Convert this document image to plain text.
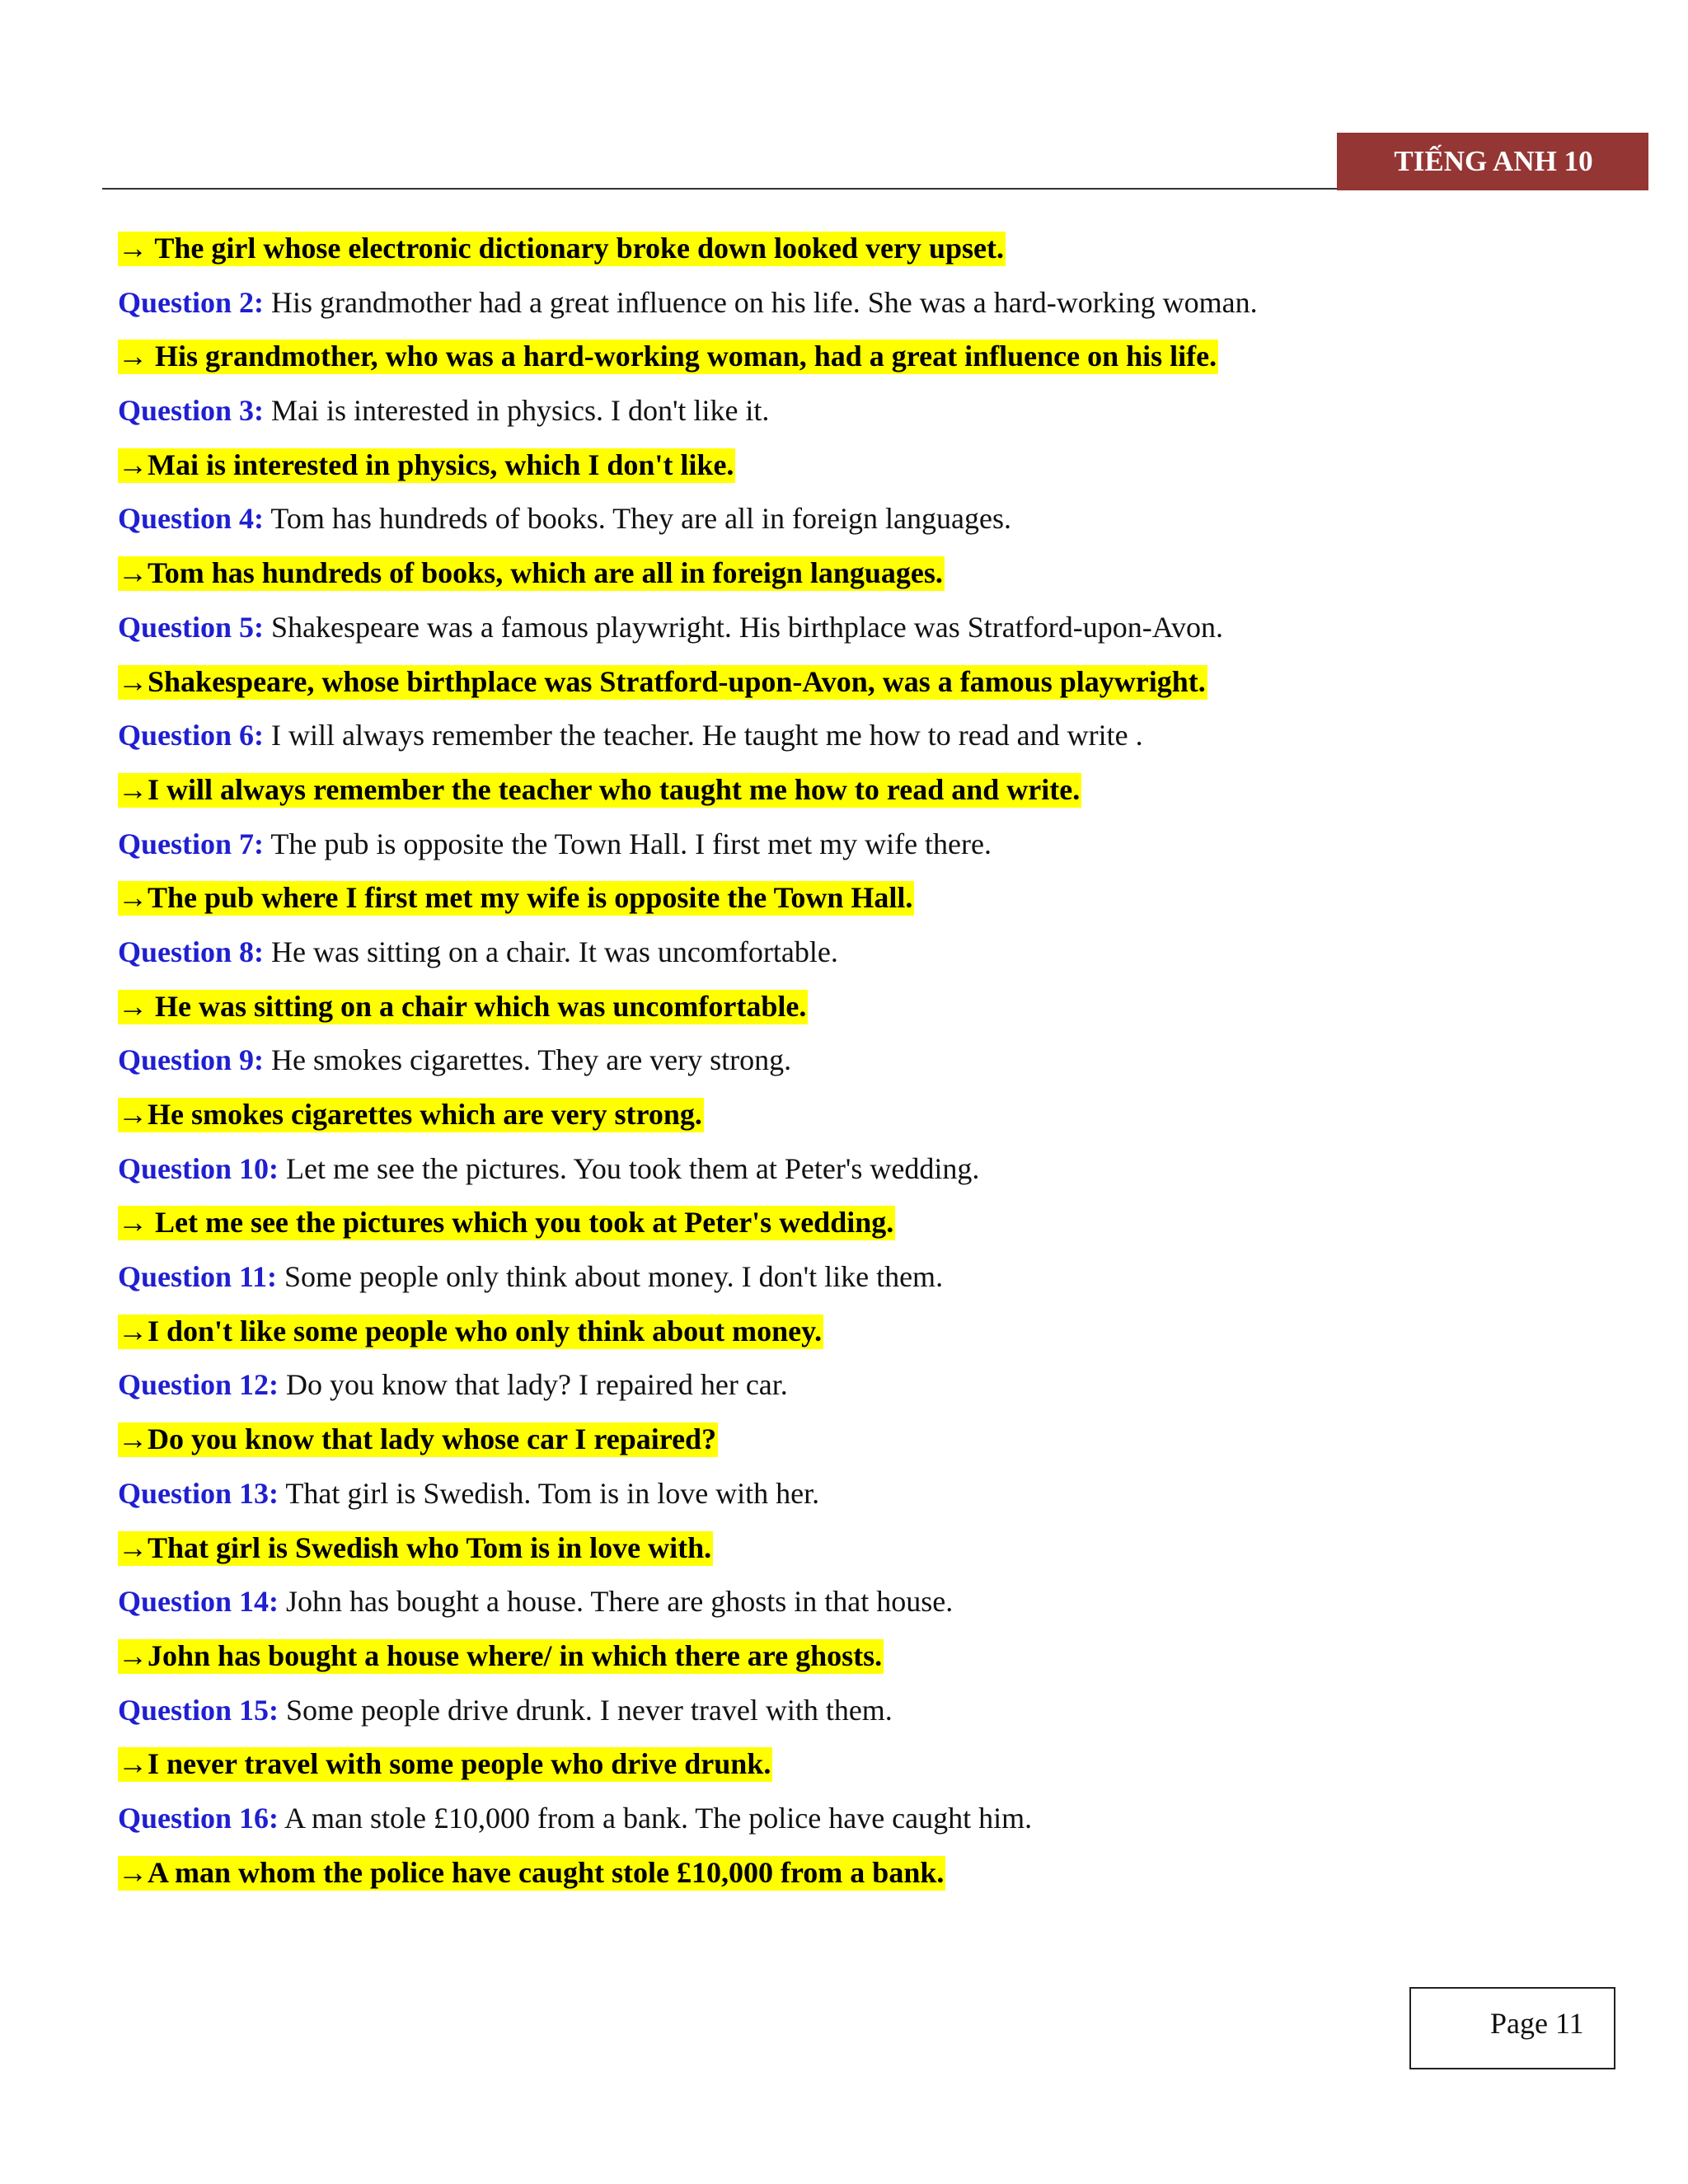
TIẾNG ANH 10
→ The girl whose electronic dictionary broke down looked very upset.
Question 2: His grandmother had a great influence on his life. She was a hard-working woman.
→ His grandmother, who was a hard-working woman, had a great influence on his life.
Question 3: Mai is interested in physics. I don't like it.
→Mai is interested in physics, which I don't like.
Question 4: Tom has hundreds of books. They are all in foreign languages.
→Tom has hundreds of books, which are all in foreign languages.
Question 5: Shakespeare was a famous playwright. His birthplace was Stratford-upon-Avon.
→Shakespeare, whose birthplace was Stratford-upon-Avon, was a famous playwright.
Question 6: I will always remember the teacher. He taught me how to read and write .
→I will always remember the teacher who taught me how to read and write.
Question 7: The pub is opposite the Town Hall. I first met my wife there.
→The pub where I first met my wife is opposite the Town Hall.
Question 8: He was sitting on a chair. It was uncomfortable.
→ He was sitting on a chair which was uncomfortable.
Question 9: He smokes cigarettes. They are very strong.
→He smokes cigarettes which are very strong.
Question 10: Let me see the pictures. You took them at Peter's wedding.
→ Let me see the pictures which you took at Peter's wedding.
Question 11: Some people only think about money. I don't like them.
→I don't like some people who only think about money.
Question 12: Do you know that lady? I repaired her car.
→Do you know that lady whose car I repaired?
Question 13: That girl is Swedish. Tom is in love with her.
→That girl is Swedish who Tom is in love with.
Question 14: John has bought a house. There are ghosts in that house.
→John has bought a house where/ in which there are ghosts.
Question 15: Some people drive drunk. I never travel with them.
→I never travel with some people who drive drunk.
Question 16: A man stole £10,000 from a bank. The police have caught him.
→A man whom the police have caught stole £10,000 from a bank.
Page 11
